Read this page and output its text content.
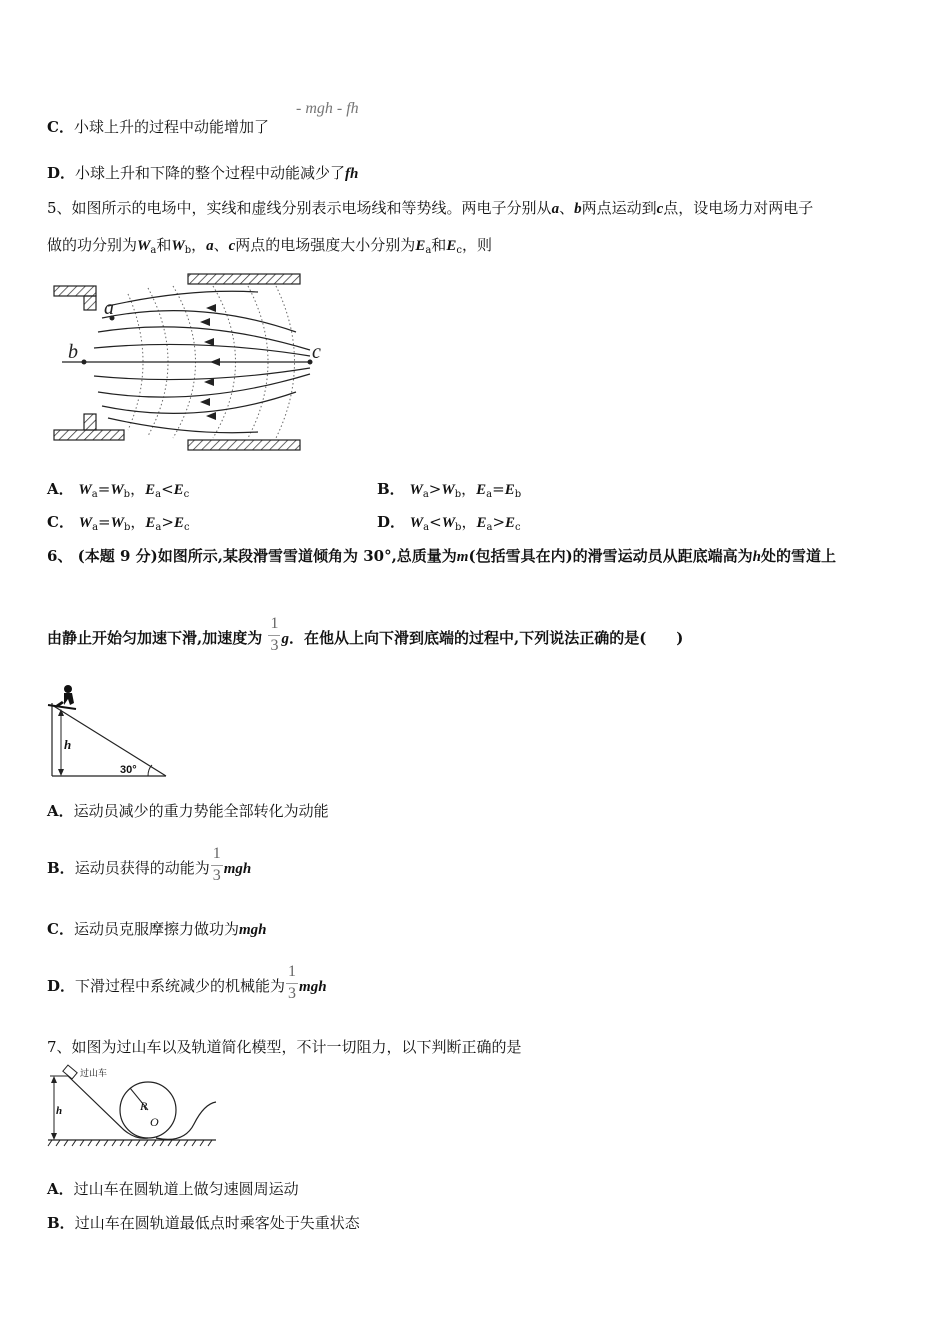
C．小球上升的过程中动能增加了
- mgh - fh
D．小球上升和下降的整个过程中动能减少了fh
5、如图所示的电场中，实线和虚线分别表示电场线和等势线。两电子分别从a、b两点运动到c点，设电场力对两电子
做的功分别为$W_a$和$W_b$，a、c两点的电场强度大小分别为$E_a$和$E_c$，则
a
b	c
A． $W_a=W_b$，$E_a<E_c$	B． $W_a>W_b$，$E_a=E_b$
C． $W_a=W_b$，$E_a>E_c$	D． $W_a<W_b$，$E_a>E_c$
6、 (本题 9 分)如图所示,某段滑雪雪道倾角为 30°,总质量为m(包括雪具在内)的滑雪运动员从距底端高为h处的雪道上
由静止开始匀加速下滑,加速度为 $\frac{1}{3}$ g．在他从上向下滑到底端的过程中,下列说法正确的是(　　)
h
30°
A．运动员减少的重力势能全部转化为动能
B．运动员获得的动能为 $\frac{1}{3}$ mgh
C．运动员克服摩擦力做功为mgh
D．下滑过程中系统减少的机械能为 $\frac{1}{3}$ mgh
7、如图为过山车以及轨道简化模型，不计一切阻力，以下判断正确的是
过山车
h	R
O
A．过山车在圆轨道上做匀速圆周运动
B．过山车在圆轨道最低点时乘客处于失重状态
